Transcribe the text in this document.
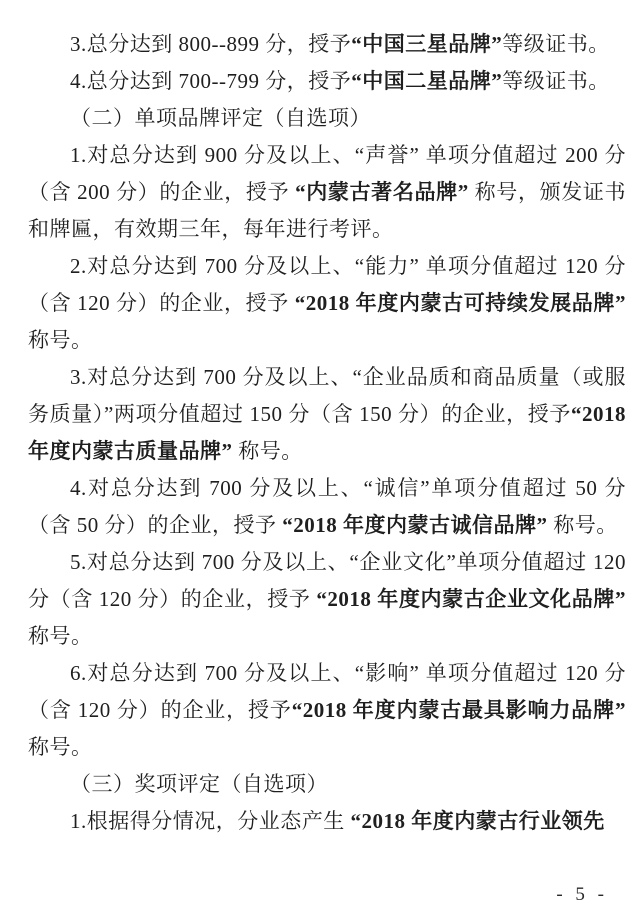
3.总分达到 800--899 分，授予“中国三星品牌”等级证书。

4.总分达到 700--799 分，授予“中国二星品牌”等级证书。

（二）单项品牌评定（自选项）

1.对总分达到 900 分及以上、“声誉” 单项分值超过 200 分（含 200 分）的企业，授予 “内蒙古著名品牌” 称号，颁发证书和牌匾，有效期三年，每年进行考评。

2.对总分达到 700 分及以上、“能力” 单项分值超过 120 分（含 120 分）的企业，授予 “2018 年度内蒙古可持续发展品牌” 称号。

3.对总分达到 700 分及以上、“企业品质和商品质量（或服务质量）”两项分值超过 150 分（含 150 分）的企业，授予“2018 年度内蒙古质量品牌” 称号。

4.对总分达到 700 分及以上、“诚信”单项分值超过 50 分（含 50 分）的企业，授予 “2018 年度内蒙古诚信品牌” 称号。

5.对总分达到 700 分及以上、“企业文化”单项分值超过 120 分（含 120 分）的企业，授予 “2018 年度内蒙古企业文化品牌” 称号。

6.对总分达到 700 分及以上、“影响” 单项分值超过 120 分（含 120 分）的企业，授予“2018 年度内蒙古最具影响力品牌” 称号。

（三）奖项评定（自选项）

1.根据得分情况，分业态产生 “2018 年度内蒙古行业领先

- 5 -
